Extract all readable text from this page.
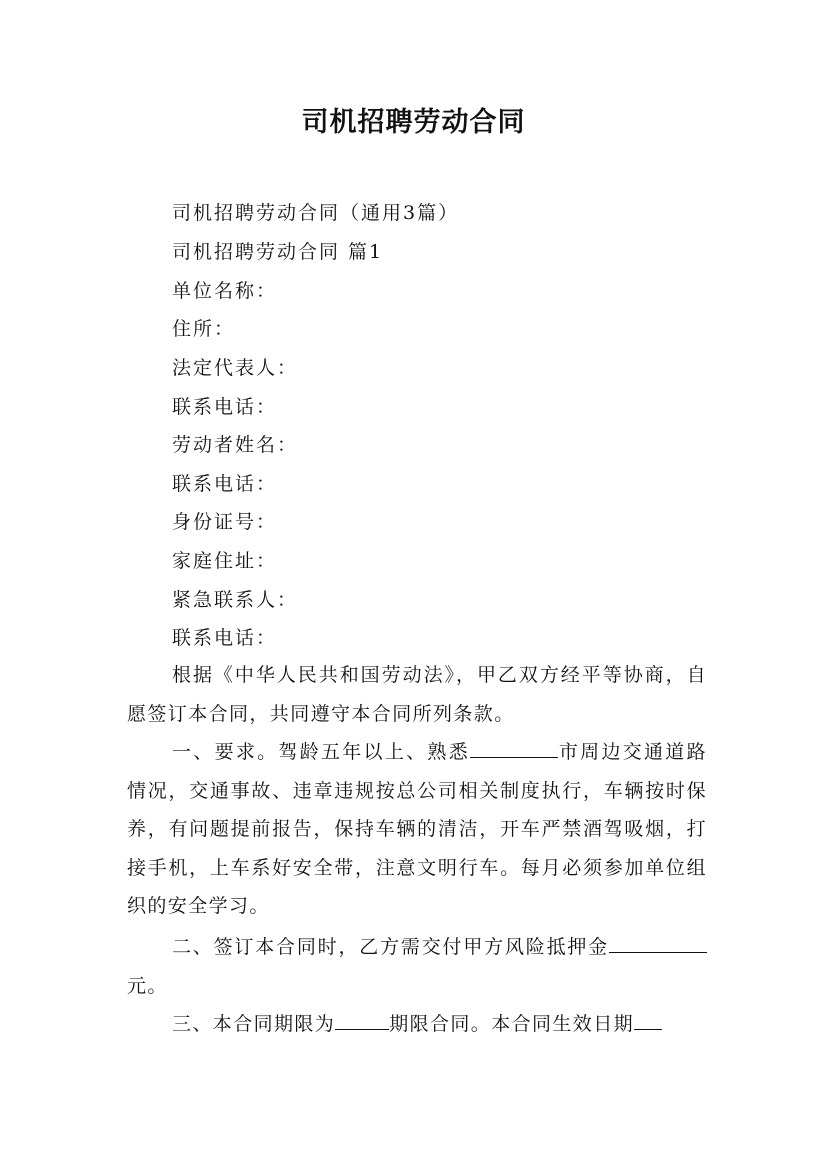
司机招聘劳动合同
司机招聘劳动合同（通用3篇）
司机招聘劳动合同 篇1
单位名称：
住所：
法定代表人：
联系电话：
劳动者姓名：
联系电话：
身份证号：
家庭住址：
紧急联系人：
联系电话：
根据《中华人民共和国劳动法》，甲乙双方经平等协商，自愿签订本合同，共同遵守本合同所列条款。
一、要求。驾龄五年以上、熟悉	市周边交通道路情况，交通事故、违章违规按总公司相关制度执行，车辆按时保养，有问题提前报告，保持车辆的清洁，开车严禁酒驾吸烟，打接手机，上车系好安全带，注意文明行车。每月必须参加单位组织的安全学习。
二、签订本合同时，乙方需交付甲方风险抵押金元。
三、本合同期限为	期限合同。本合同生效日期
